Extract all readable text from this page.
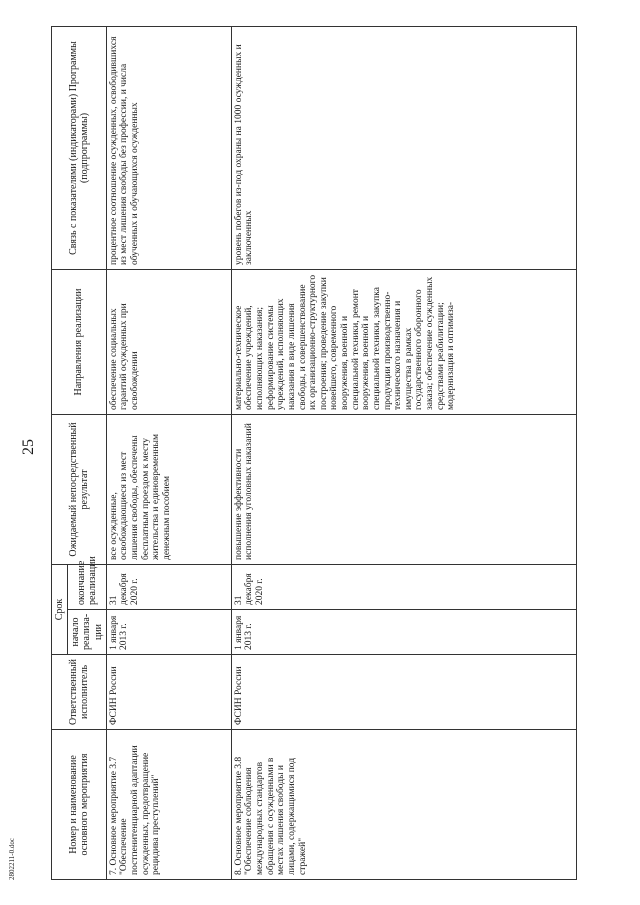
25
Номер и наименование основного мероприятия	Ответственный исполнитель	Срок		Ожидаемый непосредственный результат	Направления реализации	Связь с показателями (индикаторами) Программы (подпрограммы)
		начало реализа-ции	окончание реализации			
7. Основное мероприятие 3.7 "Обеспечение постпенитенциарной адаптации осужденных, предотвращение рецидива преступлений"	ФСИН России	1 января 2013 г.	31 декабря 2020 г.	все осужденные, освобождающиеся из мест лишения свободы, обеспечены бесплатным проездом к месту жительства и единовременным денежным пособием	обеспечение социальных гарантий осужденных при освобождении	процентное соотношение осужденных, освободившихся из мест лишения свободы без профессии, и числа обученных и обучающихся осужденных
8. Основное мероприятие 3.8 "Обеспечение соблюдения международных стандартов обращения с осужденными в местах лишения свободы и лицами, содержащимися под стражей"	ФСИН России	1 января 2013 г.	31 декабря 2020 г.	повышение эффективности исполнения уголовных наказаний	материально-техническое обеспечение учреждений, исполняющих наказания; реформирование системы учреждений, исполняющих наказания в виде лишения свободы, и совершенствование их организационно-структурного построения; проведение закупки новейшего, современного вооружения, военной и специальной техники, ремонт вооружения, военной и специальной техники, закупка продукции производственно-технического назначения и имущества в рамках государственного оборонного заказа; обеспечение осужденных средствами реабилитации; модернизация и оптимиза-	уровень побегов из-под охраны на 1000 осужденных и заключенных
2802211-0.doc
